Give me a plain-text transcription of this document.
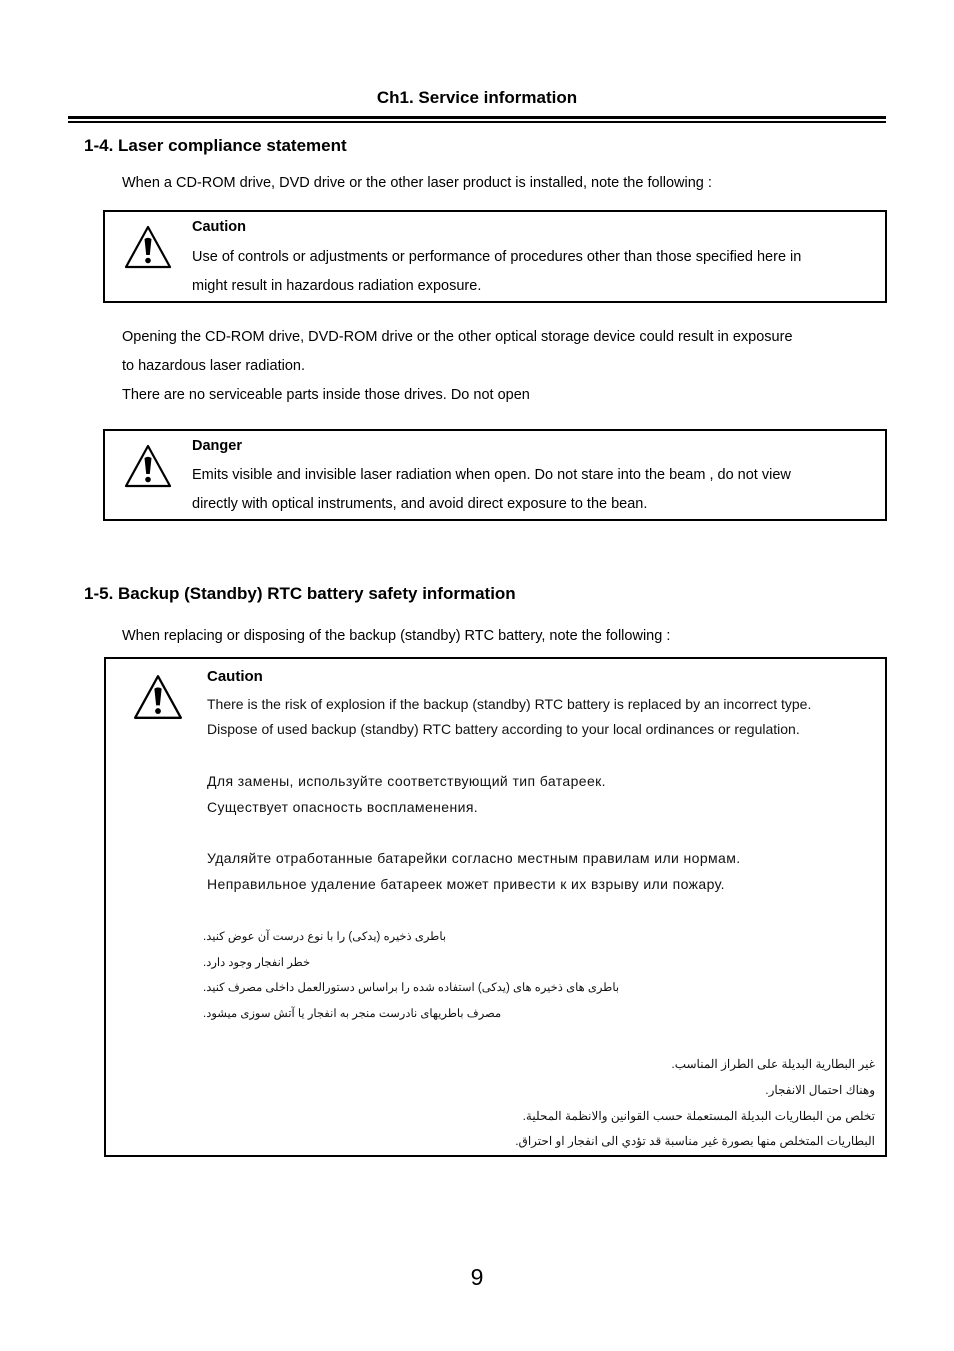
Ch1. Service information
1-4. Laser compliance statement
When a CD-ROM drive, DVD drive or the other laser product is installed, note the following :
Caution
Use of controls or adjustments or performance of procedures other than those specified here in
might result in hazardous radiation exposure.
Opening the CD-ROM drive, DVD-ROM drive or the other optical storage device could result in exposure
to hazardous laser radiation.
There are no serviceable parts inside those drives. Do not open
Danger
Emits visible and invisible laser radiation when open. Do not stare into the beam , do not view
directly with optical instruments, and avoid direct exposure to the bean.
1-5. Backup (Standby) RTC battery safety information
When replacing or disposing of the backup (standby) RTC battery, note the following :
Caution
There is the risk of explosion if the backup (standby) RTC battery is replaced by an incorrect type.
Dispose of used backup (standby) RTC battery according to your local ordinances or regulation.
Для замены, используйте соответствующий тип батареек.
Существует опасность воспламенения.
Удаляйте отработанные батарейки согласно местным правилам или нормам.
Неправильное удаление батареек может привести к их взрыву или пожару.
باطری ذخیره (یدکی) را با نوع درست آن عوض کنید.
خطر انفجار وجود دارد.
باطری های ذخیره های (یدکی) استفاده شده را براساس دستورالعمل داخلی مصرف کنید.
مصرف باطریهای نادرست منجر به انفجار یا آتش سوزی میشود.
غير البطارية البديلة على الطراز المناسب.
وهناك احتمال الانفجار.
تخلص من البطاريات البديلة المستعملة حسب القوانين والانظمة المحلية.
البطاريات المتخلص منها بصورة غير مناسبة قد تؤدي الى انفجار او احتراق.
9
